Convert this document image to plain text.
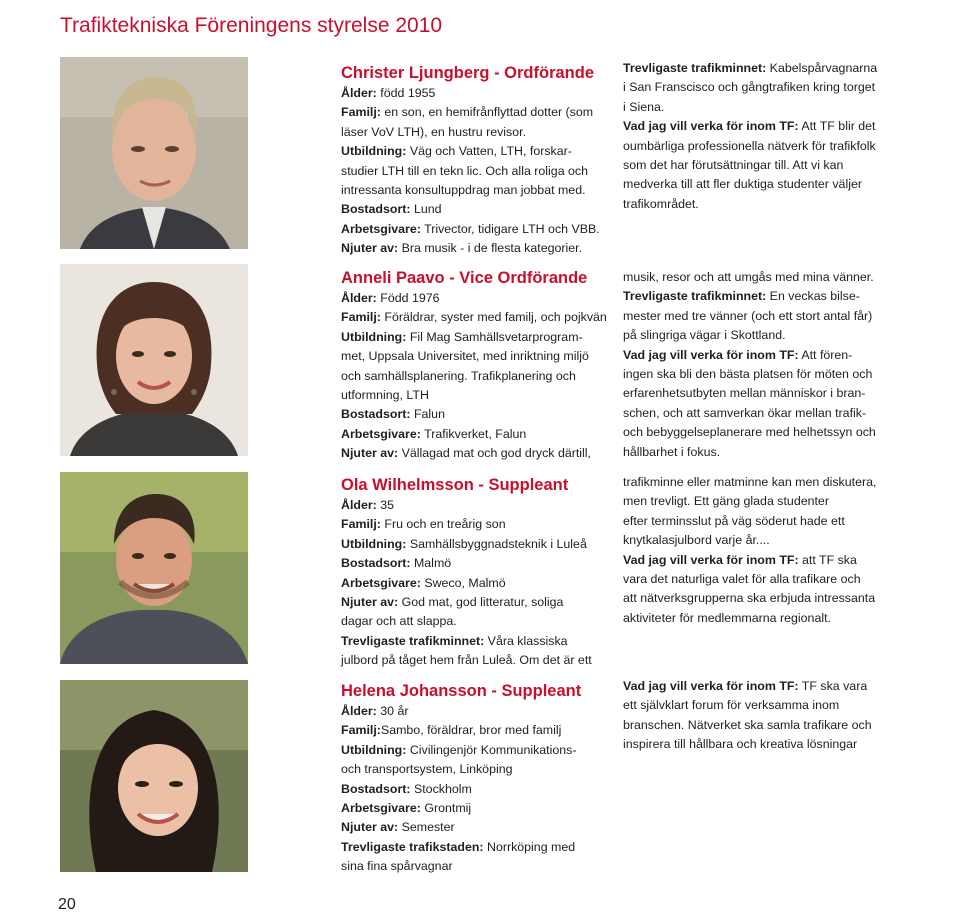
Trafiktekniska Föreningens styrelse 2010
Christer Ljungberg - Ordförande
Ålder: född 1955
Familj: en son, en hemifrånflyttad dotter (som
läser VoV LTH), en hustru revisor.
Utbildning: Väg och Vatten, LTH, forskar-
studier LTH till en tekn lic. Och alla roliga och
intressanta konsultuppdrag man jobbat med.
Bostadsort: Lund
Arbetsgivare: Trivector, tidigare LTH och VBB.
Njuter av: Bra musik - i de flesta kategorier.
Trevligaste trafikminnet: Kabelspårvagnarna
i San Franscisco och gångtrafiken kring torget
i Siena.
Vad jag vill verka för inom TF: Att TF blir det
oumbärliga professionella nätverk för trafikfolk
som det har förutsättningar till. Att vi kan
medverka till att fler duktiga studenter väljer
trafikområdet.
Anneli Paavo - Vice Ordförande
Ålder: Född 1976
Familj: Föräldrar, syster med familj, och pojkvän
Utbildning: Fil Mag Samhällsvetarprogram-
met, Uppsala Universitet, med inriktning miljö
och samhällsplanering. Trafikplanering och
utformning, LTH
Bostadsort: Falun
Arbetsgivare: Trafikverket, Falun
Njuter av: Vällagad mat och god dryck därtill,
musik, resor och att umgås med mina vänner.
Trevligaste trafikminnet: En veckas bilse-
mester med tre vänner (och ett stort antal får)
på slingriga vägar i Skottland.
Vad jag vill verka för inom TF: Att fören-
ingen ska bli den bästa platsen för möten och
erfarenhetsutbyten mellan människor i bran-
schen, och att samverkan ökar mellan trafik-
och bebyggelseplanerare med helhetssyn och
hållbarhet i fokus.
Ola Wilhelmsson - Suppleant
Ålder: 35
Familj: Fru och en treårig son
Utbildning: Samhällsbyggnadsteknik i Luleå
Bostadsort: Malmö
Arbetsgivare: Sweco, Malmö
Njuter av: God mat, god litteratur, soliga
dagar och att slappa.
Trevligaste trafikminnet: Våra klassiska
julbord på tåget hem från Luleå. Om det är ett
trafikminne eller matminne kan men diskutera,
men trevligt. Ett gäng glada studenter
efter terminsslut på väg söderut hade ett
knytkalasjulbord varje år....
Vad jag vill verka för inom TF: att TF ska
vara det naturliga valet för alla trafikare och
att nätverksgrupperna ska erbjuda intressanta
aktiviteter för medlemmarna regionalt.
Helena Johansson - Suppleant
Ålder: 30 år
Familj:Sambo, föräldrar, bror med familj
Utbildning: Civilingenjör Kommunikations-
och transportsystem, Linköping
Bostadsort: Stockholm
Arbetsgivare: Grontmij
Njuter av: Semester
Trevligaste trafikstaden: Norrköping med
sina fina spårvagnar
Vad jag vill verka för inom TF: TF ska vara
ett självklart forum för verksamma inom
branschen. Nätverket ska samla trafikare och
inspirera till hållbara och kreativa lösningar

20
